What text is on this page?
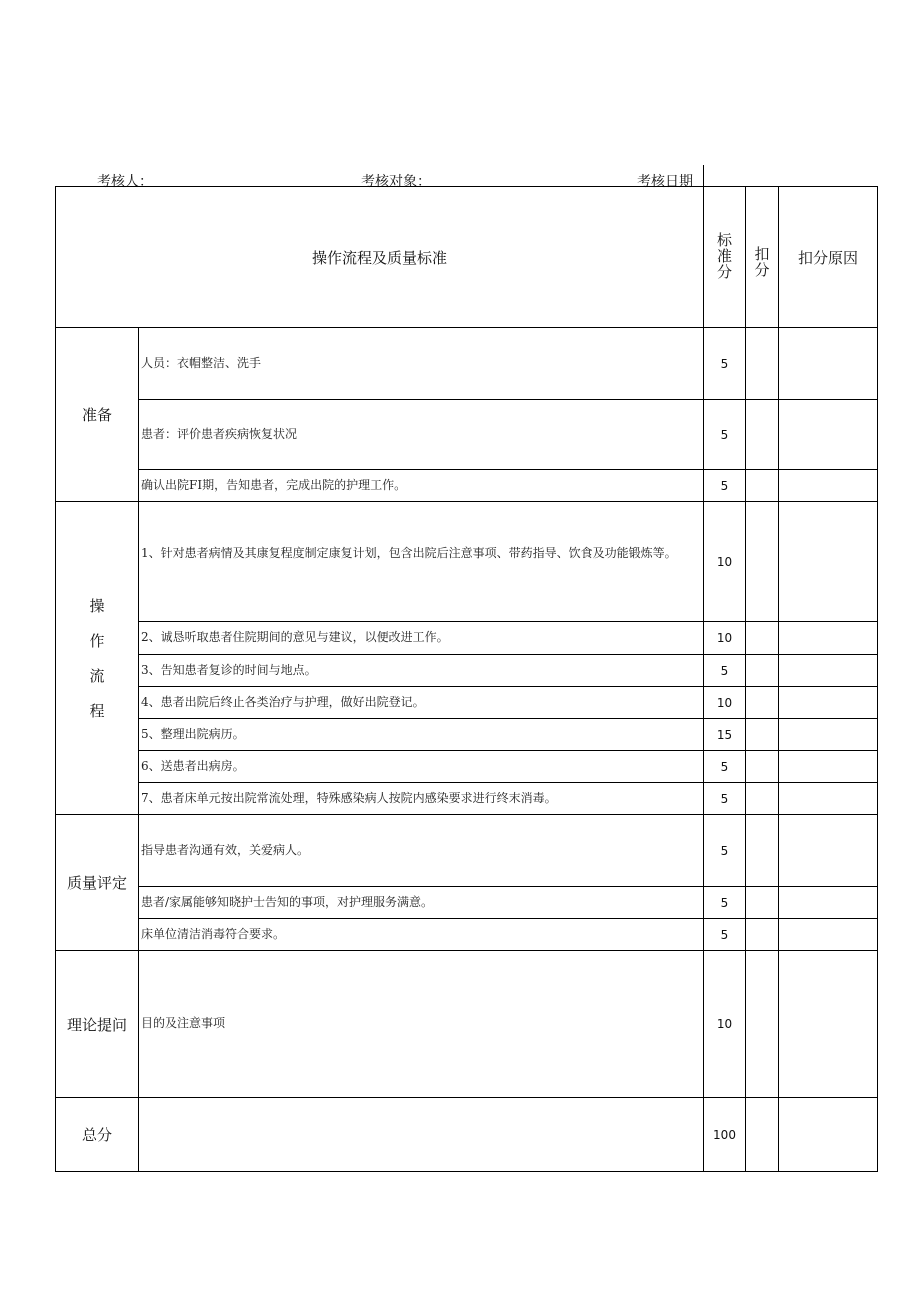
考核人：	考核对象：	考核日期
操作流程及质量标准		标准分	扣分	扣分原因
准备	人员：衣帽整洁、洗手	5		
	患者：评价患者疾病恢复状况	5		
	确认出院FI期，告知患者，完成出院的护理工作。	5		

操
作
流
程	1、针对患者病情及其康复程度制定康复计划，包含出院后注意事项、带药指导、饮食及功能锻炼等。	10		
	2、诚恳听取患者住院期间的意见与建议，以便改进工作。	10		
	3、告知患者复诊的时间与地点。	5		
	4、患者出院后终止各类治疗与护理，做好出院登记。	10		
	5、整理出院病历。	15		
	6、送患者出病房。	5		
	7、患者床单元按出院常流处理，特殊感染病人按院内感染要求进行终末消毒。	5		
质量评定	指导患者沟通有效，关爱病人。	5		
	患者/家属能够知晓护士告知的事项，对护理服务满意。	5		
	床单位清洁消毒符合要求。	5		
理论提问	目的及注意事项	10		
总分		100		
